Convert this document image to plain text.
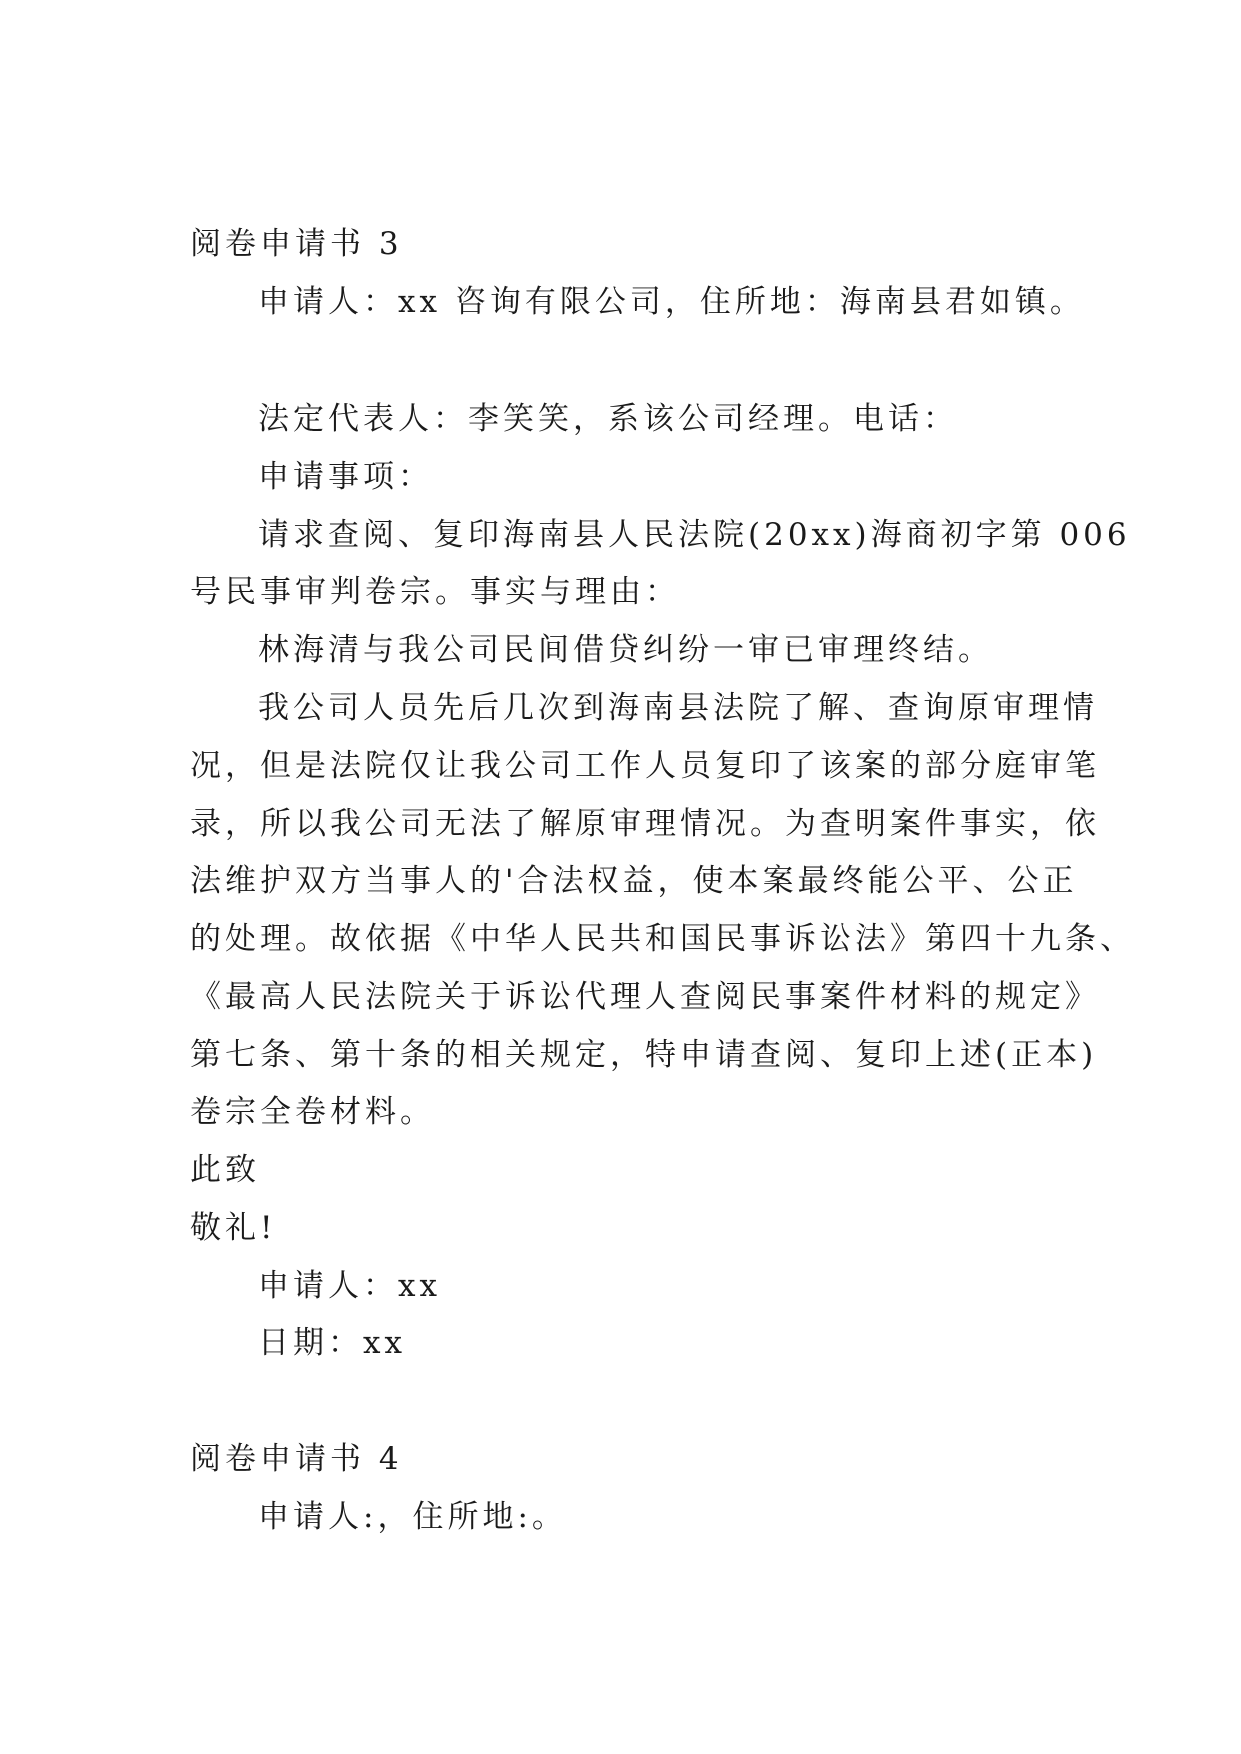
阅卷申请书 3
申请人：xx 咨询有限公司，住所地：海南县君如镇。
法定代表人：李笑笑，系该公司经理。电话：
申请事项：
请求查阅、复印海南县人民法院(20xx)海商初字第 006
号民事审判卷宗。事实与理由：
林海清与我公司民间借贷纠纷一审已审理终结。
我公司人员先后几次到海南县法院了解、查询原审理情
况，但是法院仅让我公司工作人员复印了该案的部分庭审笔
录，所以我公司无法了解原审理情况。为查明案件事实，依
法维护双方当事人的'合法权益，使本案最终能公平、公正
的处理。故依据《中华人民共和国民事诉讼法》第四十九条、
《最高人民法院关于诉讼代理人查阅民事案件材料的规定》
第七条、第十条的相关规定，特申请查阅、复印上述(正本)
卷宗全卷材料。
此致
敬礼!
申请人：xx
日期：xx
阅卷申请书 4
申请人:，住所地:。
